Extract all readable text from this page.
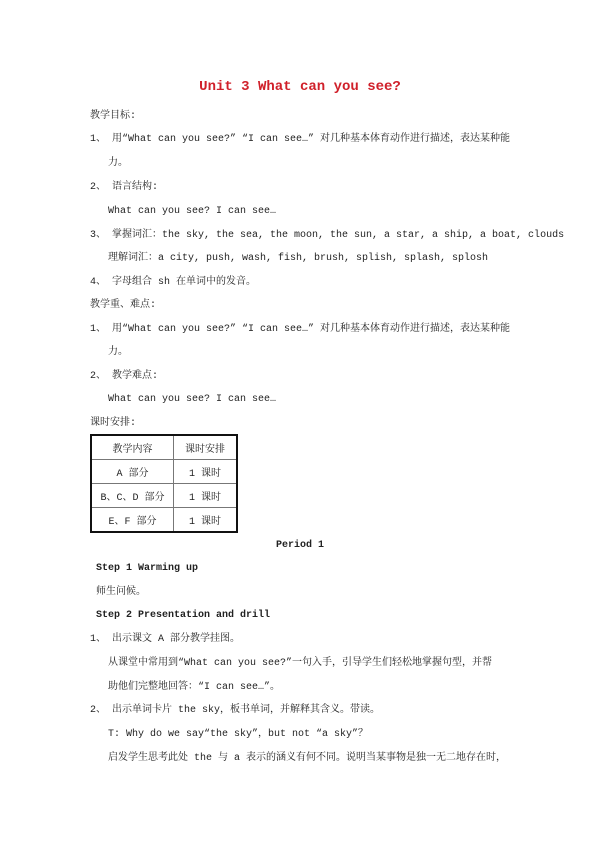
Unit 3 What can you see?
教学目标:
1、 用“What can you see?” “I can see…” 对几种基本体育动作进行描述，表达某种能
力。
2、 语言结构:
What can you see? I can see…
3、 掌握词汇：the sky, the sea, the moon, the sun, a star, a ship, a boat, clouds
理解词汇：a city, push, wash, fish, brush, splish, splash, splosh
4、 字母组合 sh 在单词中的发音。
教学重、难点:
1、 用“What can you see?” “I can see…” 对几种基本体育动作进行描述，表达某种能
力。
2、 教学难点:
What can you see? I can see…
课时安排:
教学内容	课时安排
A 部分	1 课时
B、C、D 部分	1 课时
E、F 部分	1 课时
Period 1
Step 1 Warming up
师生问候。
Step 2 Presentation and drill
1、 出示课文 A 部分教学挂图。
从课堂中常用到“What can you see?”一句入手，引导学生们轻松地掌握句型，并帮
助他们完整地回答：“I can see…”。
2、 出示单词卡片 the sky，板书单词，并解释其含义。带读。
T: Why do we say“the sky”，but not “a sky”？
启发学生思考此处 the 与 a 表示的涵义有何不同。说明当某事物是独一无二地存在时，
